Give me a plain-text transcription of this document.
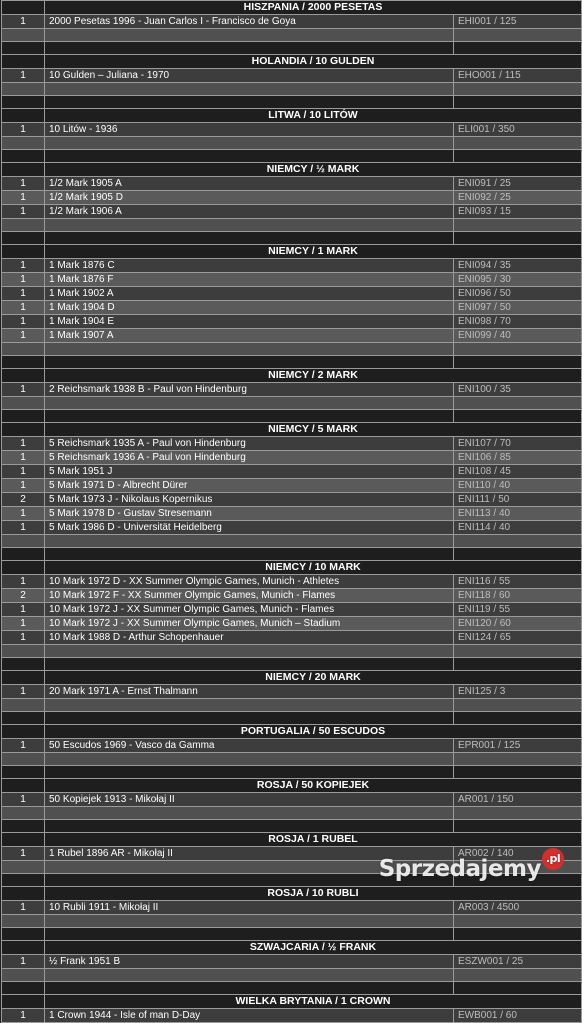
	HISZPANIA / 2000 PESETAS	
1	2000 Pesetas 1996 - Juan Carlos I - Francisco de Goya	EHI001 / 125

	HOLANDIA / 10 GULDEN	
1	10 Gulden – Juliana - 1970	EHO001 / 115

	LITWA / 10 LITÓW	
1	10 Litów - 1936	ELI001 / 350

	NIEMCY / ½ MARK	
1	1/2 Mark 1905 A	ENI091 / 25
1	1/2 Mark 1905 D	ENI092 / 25
1	1/2 Mark 1906 A	ENI093 / 15

	NIEMCY / 1 MARK	
1	1 Mark 1876 C	ENI094 / 35
1	1 Mark 1876 F	ENI095 / 30
1	1 Mark 1902 A	ENI096 / 50
1	1 Mark 1904 D	ENI097 / 50
1	1 Mark 1904 E	ENI098 / 70
1	1 Mark 1907 A	ENI099 / 40

	NIEMCY / 2 MARK	
1	2 Reichsmark 1938 B - Paul von Hindenburg	ENI100 / 35

	NIEMCY / 5 MARK	
1	5 Reichsmark 1935 A - Paul von Hindenburg	ENI107 / 70
1	5 Reichsmark 1936 A - Paul von Hindenburg	ENI106 / 85
1	5 Mark 1951 J	ENI108 / 45
1	5 Mark 1971 D - Albrecht Dürer	ENI110 / 40
2	5 Mark 1973 J - Nikolaus Kopernikus	ENI111 / 50
1	5 Mark 1978 D - Gustav Stresemann	ENI113 / 40
1	5 Mark 1986 D - Universität Heidelberg	ENI114 / 40

	NIEMCY / 10 MARK	
1	10 Mark 1972 D - XX Summer Olympic Games, Munich - Athletes	ENI116 / 55
2	10 Mark 1972 F - XX Summer Olympic Games, Munich - Flames	ENI118 / 60
1	10 Mark 1972 J - XX Summer Olympic Games, Munich - Flames	ENI119 / 55
1	10 Mark 1972 J - XX Summer Olympic Games, Munich – Stadium	ENI120 / 60
1	10 Mark 1988 D - Arthur Schopenhauer	ENI124 / 65

	NIEMCY / 20 MARK	
1	20 Mark 1971 A - Ernst Thalmann	ENI125 / 3

	PORTUGALIA / 50 ESCUDOS	
1	50 Escudos 1969 - Vasco da Gamma	EPR001 / 125

	ROSJA / 50 KOPIEJEK	
1	50 Kopiejek 1913 - Mikołaj II	AR001 / 150

	ROSJA / 1 RUBEL	
1	1 Rubel 1896 AR - Mikołaj II	AR002 / 140

	ROSJA / 10 RUBLI	
1	10 Rubli 1911 - Mikołaj II	AR003 / 4500

	SZWAJCARIA / ½ FRANK	
1	½ Frank 1951 B	ESZW001 / 25

	WIELKA BRYTANIA / 1 CROWN	
1	1 Crown 1944 - Isle of man D-Day	EWB001 / 60
Sprzedajemy .pl
